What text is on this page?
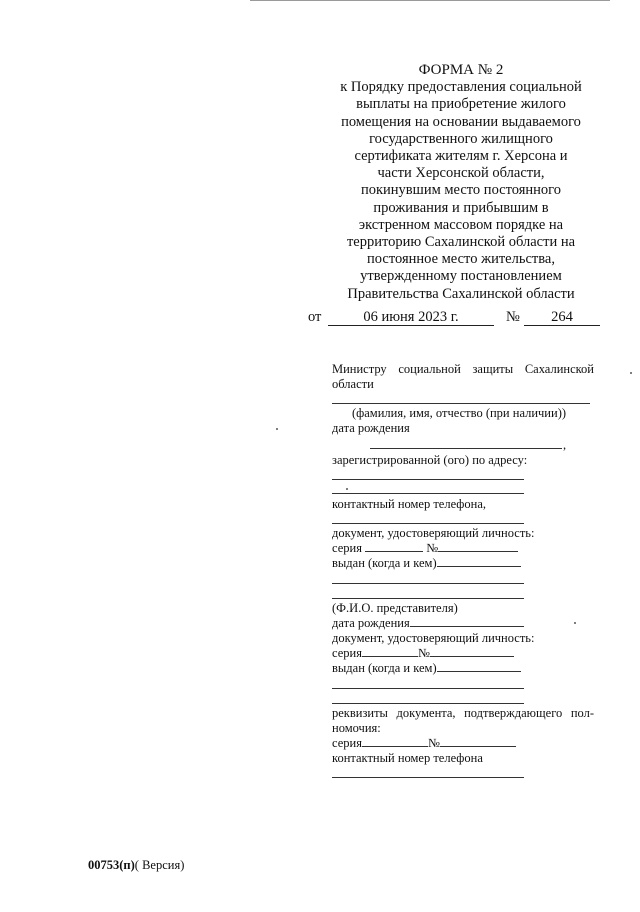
ФОРМА № 2
к Порядку предоставления социальной
выплаты на приобретение жилого
помещения на основании выдаваемого
государственного жилищного
сертификата жителям г. Херсона и
части Херсонской области,
покинувшим место постоянного
проживания и прибывшим в
экстренном массовом порядке на
территорию Сахалинской области на
постоянное место жительства,
утвержденному постановлением
Правительства Сахалинской области
от	06 июня 2023 г.	№	264
Министру социальной защиты Сахалинской
области
(фамилия, имя, отчество (при наличии))
дата рождения
,
зарегистрированной (ого) по адресу:
контактный номер телефона,
документ, удостоверяющий личность:
серия	№
выдан (когда и кем)
(Ф.И.О. представителя)
дата рождения
документ, удостоверяющий личность:
серия	№
выдан (когда и кем)
реквизиты документа, подтверждающего пол-
номочия:
серия	№
контактный номер телефона
00753(п)( Версия)
